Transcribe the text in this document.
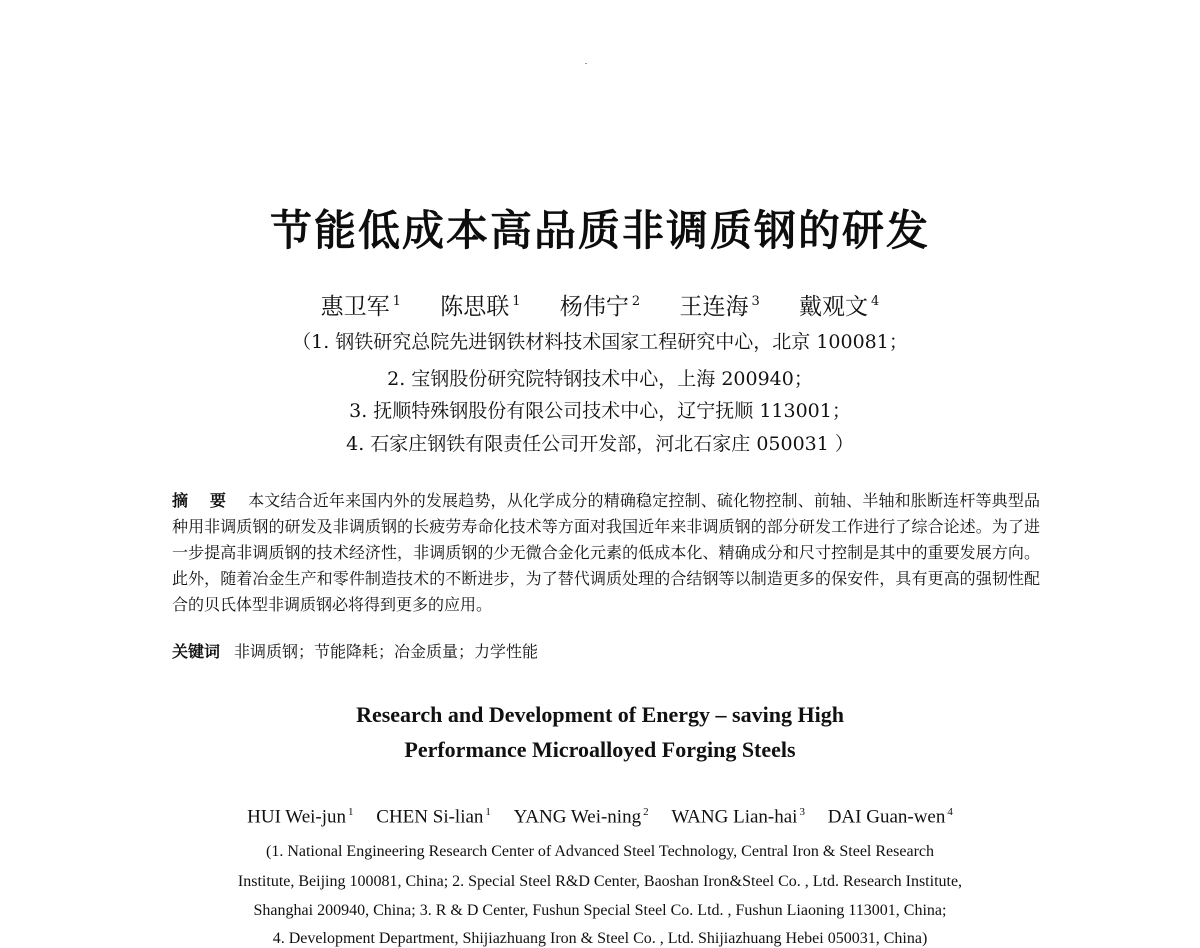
节能低成本高品质非调质钢的研发
惠卫军 $^1$ 陈思联 $^1$ 杨伟宁 $^2$ 王连海 $^3$ 戴观文 $^4$
（1. 钢铁研究总院先进钢铁材料技术国家工程研究中心，北京 100081；
2. 宝钢股份研究院特钢技术中心，上海 200940；
3. 抚顺特殊钢股份有限公司技术中心，辽宁抚顺 113001；
4. 石家庄钢铁有限责任公司开发部，河北石家庄 050031 ）
摘 要 本文结合近年来国内外的发展趋势，从化学成分的精确稳定控制、硫化物控制、前轴、半轴和胀断连杆等典型品种用非调质钢的研发及非调质钢的长疲劳寿命化技术等方面对我国近年来非调质钢的部分研发工作进行了综合论述。为了进一步提高非调质钢的技术经济性，非调质钢的少无微合金化元素的低成本化、精确成分和尺寸控制是其中的重要发展方向。此外，随着冶金生产和零件制造技术的不断进步，为了替代调质处理的合结钢等以制造更多的保安件，具有更高的强韧性配合的贝氏体型非调质钢必将得到更多的应用。
关键词 非调质钢；节能降耗；冶金质量；力学性能
Research and Development of Energy – saving High
Performance Microalloyed Forging Steels
HUI Wei-jun $^1$ CHEN Si-lian $^1$ YANG Wei-ning $^2$ WANG Lian-hai $^3$ DAI Guan-wen $^4$
(1. National Engineering Research Center of Advanced Steel Technology, Central Iron & Steel Research
Institute, Beijing 100081, China; 2. Special Steel R&D Center, Baoshan Iron&Steel Co. , Ltd. Research Institute,
Shanghai 200940, China; 3. R & D Center, Fushun Special Steel Co. Ltd. , Fushun Liaoning 113001, China;
4. Development Department, Shijiazhuang Iron & Steel Co. , Ltd. Shijiazhuang Hebei 050031, China)
